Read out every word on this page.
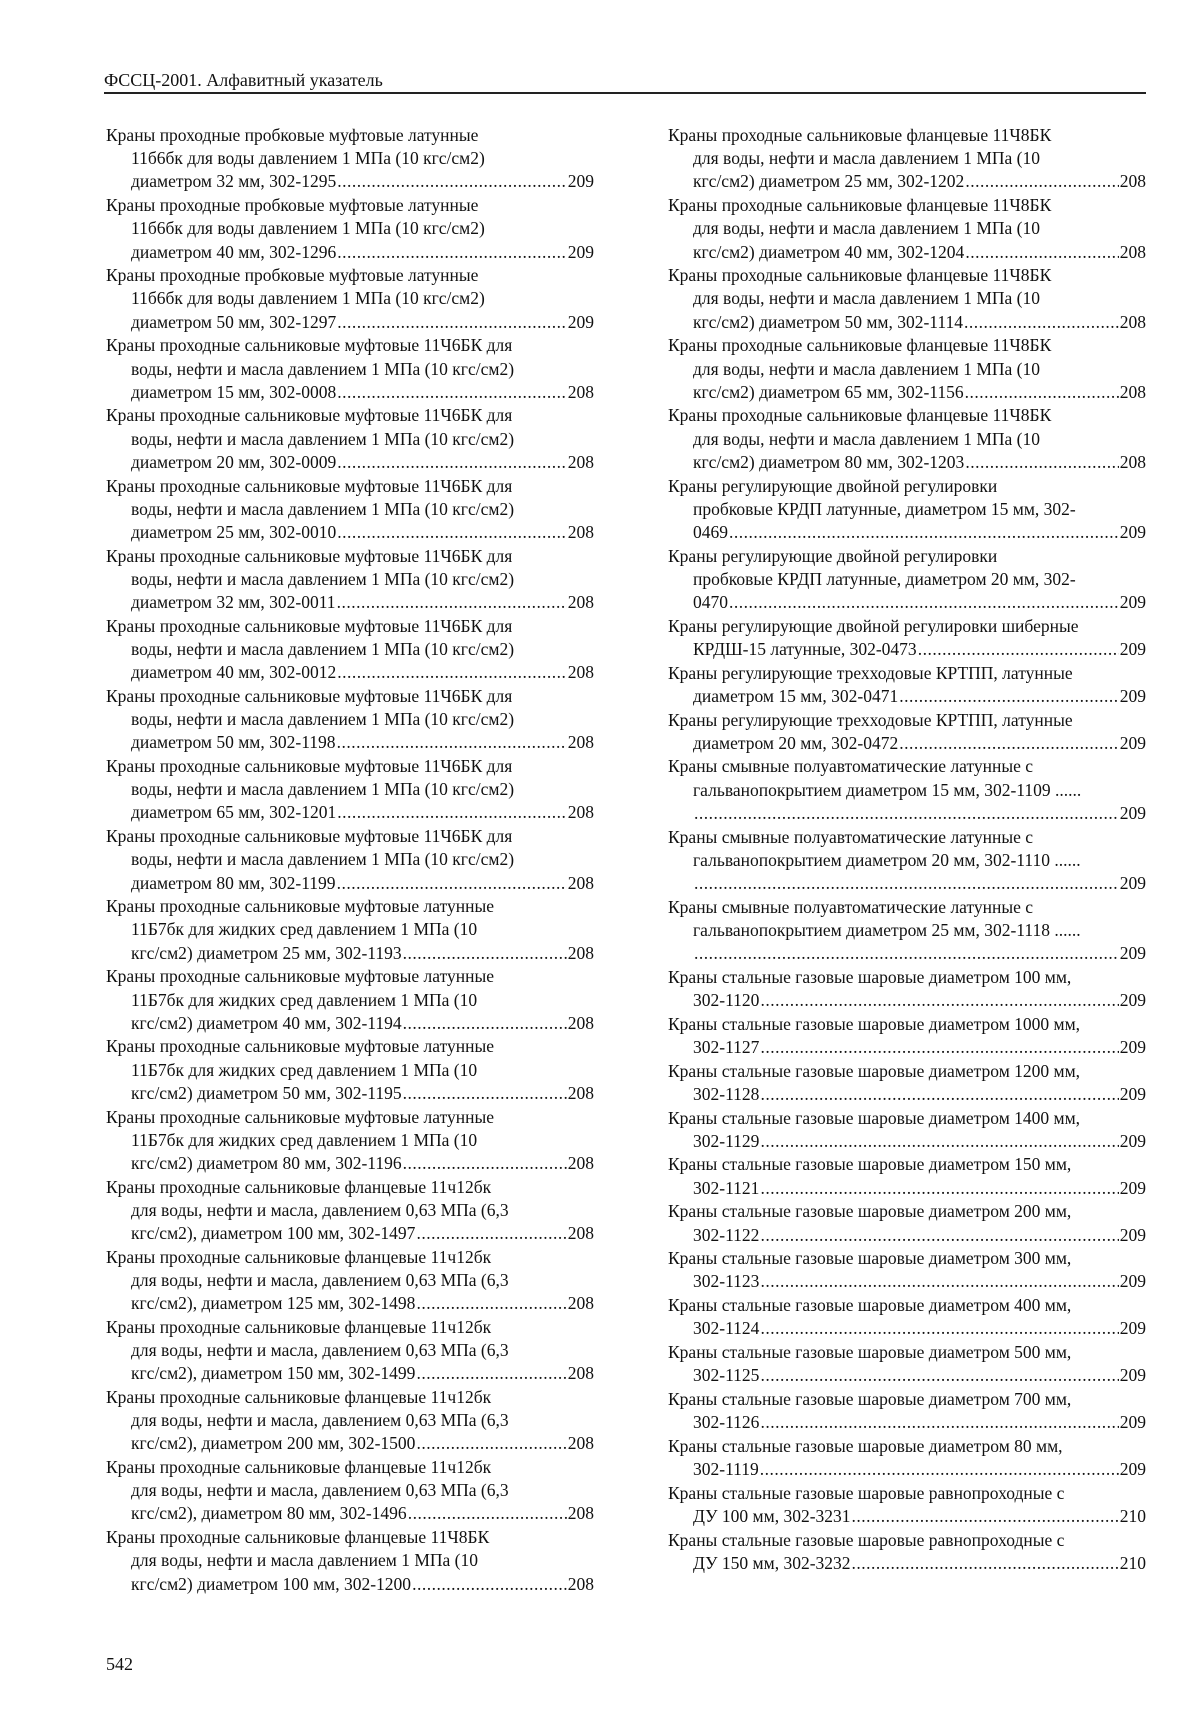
ФССЦ-2001. Алфавитный указатель
Краны проходные пробковые муфтовые латунные
11б6бк для воды давлением 1 МПа (10 кгс/см2)
диаметром 32 мм, 302-1295 .....	209
Краны проходные пробковые муфтовые латунные
11б6бк для воды давлением 1 МПа (10 кгс/см2)
диаметром 40 мм, 302-1296 .....	209
Краны проходные пробковые муфтовые латунные
11б6бк для воды давлением 1 МПа (10 кгс/см2)
диаметром 50 мм, 302-1297 .....	209
Краны проходные сальниковые муфтовые 11Ч6БК для
воды, нефти и масла давлением 1 МПа (10 кгс/см2)
диаметром 15 мм, 302-0008 .....	208
Краны проходные сальниковые муфтовые 11Ч6БК для
воды, нефти и масла давлением 1 МПа (10 кгс/см2)
диаметром 20 мм, 302-0009 .....	208
Краны проходные сальниковые муфтовые 11Ч6БК для
воды, нефти и масла давлением 1 МПа (10 кгс/см2)
диаметром 25 мм, 302-0010 .....	208
Краны проходные сальниковые муфтовые 11Ч6БК для
воды, нефти и масла давлением 1 МПа (10 кгс/см2)
диаметром 32 мм, 302-0011 .....	208
Краны проходные сальниковые муфтовые 11Ч6БК для
воды, нефти и масла давлением 1 МПа (10 кгс/см2)
диаметром 40 мм, 302-0012 .....	208
Краны проходные сальниковые муфтовые 11Ч6БК для
воды, нефти и масла давлением 1 МПа (10 кгс/см2)
диаметром 50 мм, 302-1198 .....	208
Краны проходные сальниковые муфтовые 11Ч6БК для
воды, нефти и масла давлением 1 МПа (10 кгс/см2)
диаметром 65 мм, 302-1201 .....	208
Краны проходные сальниковые муфтовые 11Ч6БК для
воды, нефти и масла давлением 1 МПа (10 кгс/см2)
диаметром 80 мм, 302-1199 .....	208
Краны проходные сальниковые муфтовые латунные
11Б7бк для жидких сред давлением 1 МПа (10
кгс/см2) диаметром 25 мм, 302-1193 .....	208
Краны проходные сальниковые муфтовые латунные
11Б7бк для жидких сред давлением 1 МПа (10
кгс/см2) диаметром 40 мм, 302-1194 .....	208
Краны проходные сальниковые муфтовые латунные
11Б7бк для жидких сред давлением 1 МПа (10
кгс/см2) диаметром 50 мм, 302-1195 .....	208
Краны проходные сальниковые муфтовые латунные
11Б7бк для жидких сред давлением 1 МПа (10
кгс/см2) диаметром 80 мм, 302-1196 .....	208
Краны проходные сальниковые фланцевые 11ч12бк
для воды, нефти и масла, давлением 0,63 МПа (6,3
кгс/см2), диаметром 100 мм, 302-1497 .....	208
Краны проходные сальниковые фланцевые 11ч12бк
для воды, нефти и масла, давлением 0,63 МПа (6,3
кгс/см2), диаметром 125 мм, 302-1498 .....	208
Краны проходные сальниковые фланцевые 11ч12бк
для воды, нефти и масла, давлением 0,63 МПа (6,3
кгс/см2), диаметром 150 мм, 302-1499 .....	208
Краны проходные сальниковые фланцевые 11ч12бк
для воды, нефти и масла, давлением 0,63 МПа (6,3
кгс/см2), диаметром 200 мм, 302-1500 .....	208
Краны проходные сальниковые фланцевые 11ч12бк
для воды, нефти и масла, давлением 0,63 МПа (6,3
кгс/см2), диаметром 80 мм, 302-1496 .....	208
Краны проходные сальниковые фланцевые 11Ч8БК
для воды, нефти и масла давлением 1 МПа (10
кгс/см2) диаметром 100 мм, 302-1200 .....	208
Краны проходные сальниковые фланцевые 11Ч8БК
для воды, нефти и масла давлением 1 МПа (10
кгс/см2) диаметром 25 мм, 302-1202 .....	208
Краны проходные сальниковые фланцевые 11Ч8БК
для воды, нефти и масла давлением 1 МПа (10
кгс/см2) диаметром 40 мм, 302-1204 .....	208
Краны проходные сальниковые фланцевые 11Ч8БК
для воды, нефти и масла давлением 1 МПа (10
кгс/см2) диаметром 50 мм, 302-1114 .....	208
Краны проходные сальниковые фланцевые 11Ч8БК
для воды, нефти и масла давлением 1 МПа (10
кгс/см2) диаметром 65 мм, 302-1156 .....	208
Краны проходные сальниковые фланцевые 11Ч8БК
для воды, нефти и масла давлением 1 МПа (10
кгс/см2) диаметром 80 мм, 302-1203 .....	208
Краны регулирующие двойной регулировки
пробковые КРДП латунные, диаметром 15 мм, 302-
0469 .....	209
Краны регулирующие двойной регулировки
пробковые КРДП латунные, диаметром 20 мм, 302-
0470 .....	209
Краны регулирующие двойной регулировки шиберные
КРДШ-15 латунные, 302-0473 .....	209
Краны регулирующие трехходовые КРТПП, латунные
диаметром 15 мм, 302-0471 .....	209
Краны регулирующие трехходовые КРТПП, латунные
диаметром 20 мм, 302-0472 .....	209
Краны смывные полуавтоматические латунные с
гальванопокрытием диаметром 15 мм, 302-1109 ......
.....
209
Краны смывные полуавтоматические латунные с
гальванопокрытием диаметром 20 мм, 302-1110 ......
.....
209
Краны смывные полуавтоматические латунные с
гальванопокрытием диаметром 25 мм, 302-1118 ......
.....
209
Краны стальные газовые шаровые диаметром 100 мм,
302-1120 .....	209
Краны стальные газовые шаровые диаметром 1000 мм,
302-1127 .....	209
Краны стальные газовые шаровые диаметром 1200 мм,
302-1128 .....	209
Краны стальные газовые шаровые диаметром 1400 мм,
302-1129 .....	209
Краны стальные газовые шаровые диаметром 150 мм,
302-1121 .....	209
Краны стальные газовые шаровые диаметром 200 мм,
302-1122 .....	209
Краны стальные газовые шаровые диаметром 300 мм,
302-1123 .....	209
Краны стальные газовые шаровые диаметром 400 мм,
302-1124 .....	209
Краны стальные газовые шаровые диаметром 500 мм,
302-1125 .....	209
Краны стальные газовые шаровые диаметром 700 мм,
302-1126 .....	209
Краны стальные газовые шаровые диаметром 80 мм,
302-1119 .....	209
Краны стальные газовые шаровые равнопроходные с
ДУ 100 мм, 302-3231 .....	210
Краны стальные газовые шаровые равнопроходные с
ДУ 150 мм, 302-3232 .....	210
542
